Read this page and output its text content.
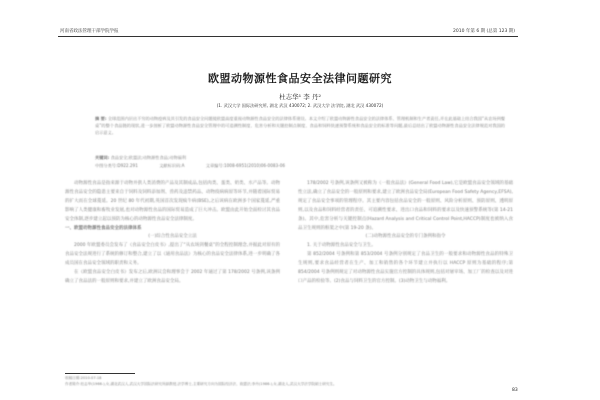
河南省政法管理干部学院学报	2010 年第 6 期 (总第 123 期)
欧盟动物源性食品安全法律问题研究
杜志华¹ 李 丹²
(1. 武汉大学 国际法研究所, 湖北 武汉 430072; 2. 武汉大学 法学院, 湖北 武汉 430072)
摘 要: 全球范围内层出不穷的动物疫病及其引发的食品安全问题使欧盟高度重视动物源性食品安全的法律体系建设。本文介绍了欧盟动物源性食品安全的法律体系、管理机制和生产者责任,并在此基础上结合我国“从农场到餐桌”的整个食品链的现状,进一步剖析了欧盟动物源性食品安全管理中的可追溯性制度、危害分析和关键控制点制度、食品和饲料快速预警系统和食品安全的标准等问题,最后总结出了欧盟动物源性食品安全法律规范对我国的启示意义。
关键词: 食品安全;欧盟法;动物源性食品;动物福利
中图分类号:D922.291	文献标识码:A	文章编号:1008-6951(2010)06-0083-06

动物源性食品是指来源于动物并供人类消费的产品及其制成品,包括肉类、蛋类、奶类、水产品等。动物源性食品安全的隐患主要来自于饲料及饲料添加剂、兽药及违禁药品、动物疫病病原等环节,并随着国际贸易的扩大而在全球蔓延。20 世纪 80 年代初期,英国首次发现疯牛病(BSE),之后该病在欧洲多个国家蔓延,严重影响了人类健康和畜牧业发展,也对动物源性食品的国际贸易造成了巨大冲击。欧盟由此开始全面检讨其食品安全体制,逐步建立起以预防为核心的动物源性食品安全法律制度。

一、欧盟动物源性食品安全的法律体系
(一)综合性食品安全立法

2000 年欧盟委员会发布了《食品安全白皮书》,提出了“从农场到餐桌”的全程控制理念,并据此对原有的食品安全法规进行了系统的修订和整合,建立了以《通用食品法》为核心的食品安全法律体系,进一步明确了各成员国在食品安全领域的职责和义务。

在《欧盟食品安全白皮书》发布之后,欧洲议会和理事会于 2002 年通过了第 178/2002 号条例,该条例确立了食品法的一般原则和要求,并建立了欧洲食品安全局。

178/2002 号条例,该条例又被称为《一般食品法》(General Food Law),它是欧盟食品安全领域的基础性立法,确立了食品安全的一般原则和要求,建立了欧洲食品安全局(European Food Safety Agency,EFSA),规定了食品安全事项的管理程序。其主要内容包括食品安全的一般原则、风险分析原则、预防原则、透明原则,以及食品和饲料经营者的责任、可追溯性要求、进出口食品和饲料的要求以及快速预警系统等(第 14-21 条)。其中,危害分析与关键控制点(Hazard Analysis and Critical Control Point,HACCP)制度也被纳入食品卫生规则的框架之中(第 19-20 条)。

(二)动物源性食品安全的专门条例和指令

1. 关于动物源性食品安全与卫生。

第 852/2004 号条例和第 853/2004 号条例分别规定了食品卫生的一般要求和动物源性食品的特殊卫生规则,要求食品经营者在生产、加工和销售的各个环节建立并执行以 HACCP 原则为基础的程序;第 854/2004 号条例则规定了对动物源性食品实施官方控制的具体规则,包括对屠宰场、加工厂的检查以及对进口产品的检验等。(2)食品与饲料卫生的官方控制。(3)动物卫生与动物福利。

收稿日期:2010-07-18
作者简介:杜志华(1966-),女,湖北武汉人,武汉大学国际法研究所副教授,法学博士,主要研究方向为国际经济法、欧盟法;李丹(1986-),女,湖北人,武汉大学法学院硕士研究生。
83
